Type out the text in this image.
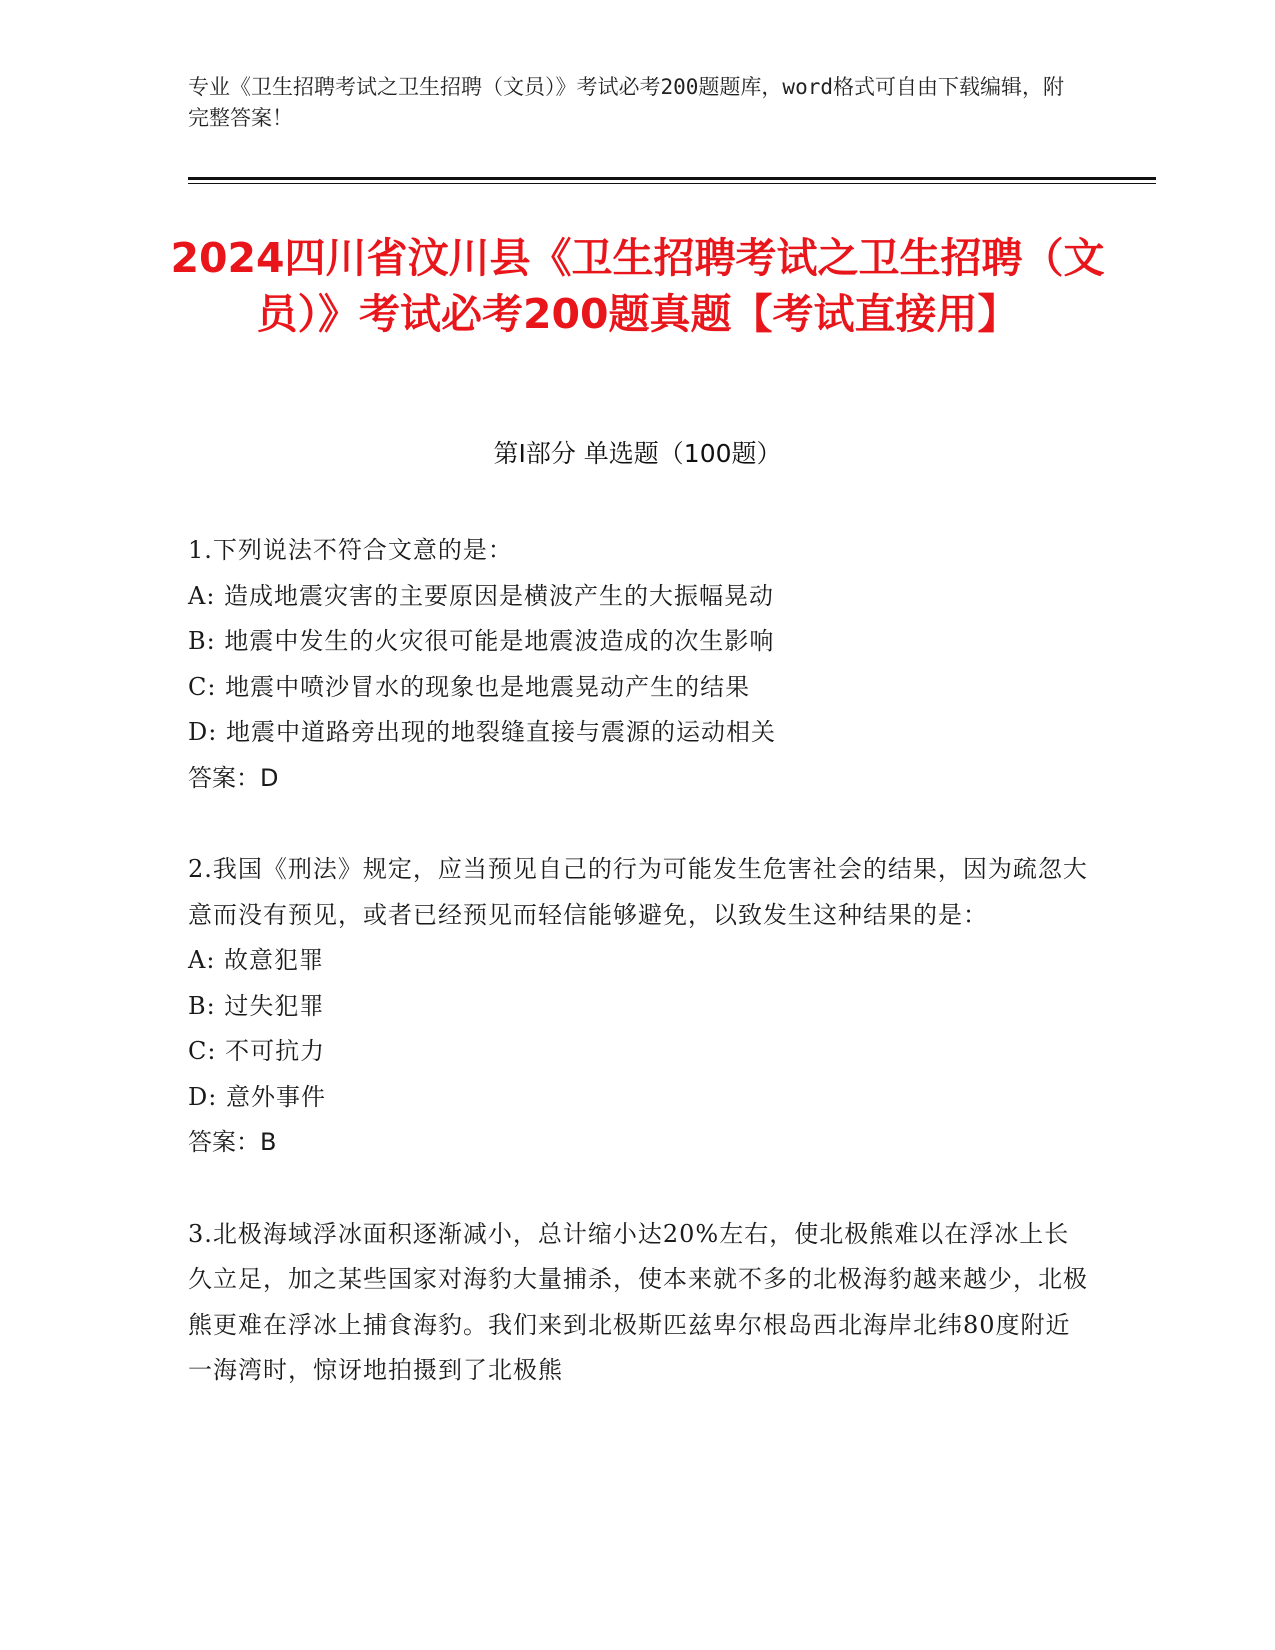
专业《卫生招聘考试之卫生招聘（文员）》考试必考200题题库，word格式可自由下载编辑，附完整答案！
2024四川省汶川县《卫生招聘考试之卫生招聘（文员）》考试必考200题真题【考试直接用】
第I部分 单选题（100题）
1.下列说法不符合文意的是：
A: 造成地震灾害的主要原因是横波产生的大振幅晃动
B: 地震中发生的火灾很可能是地震波造成的次生影响
C: 地震中喷沙冒水的现象也是地震晃动产生的结果
D: 地震中道路旁出现的地裂缝直接与震源的运动相关
答案：D
2.我国《刑法》规定，应当预见自己的行为可能发生危害社会的结果，因为疏忽大意而没有预见，或者已经预见而轻信能够避免，以致发生这种结果的是：
A: 故意犯罪
B: 过失犯罪
C: 不可抗力
D: 意外事件
答案：B
3.北极海域浮冰面积逐渐减小，总计缩小达20%左右，使北极熊难以在浮冰上长久立足，加之某些国家对海豹大量捕杀，使本来就不多的北极海豹越来越少，北极熊更难在浮冰上捕食海豹。我们来到北极斯匹兹卑尔根岛西北海岸北纬80度附近一海湾时，惊讶地拍摄到了北极熊
